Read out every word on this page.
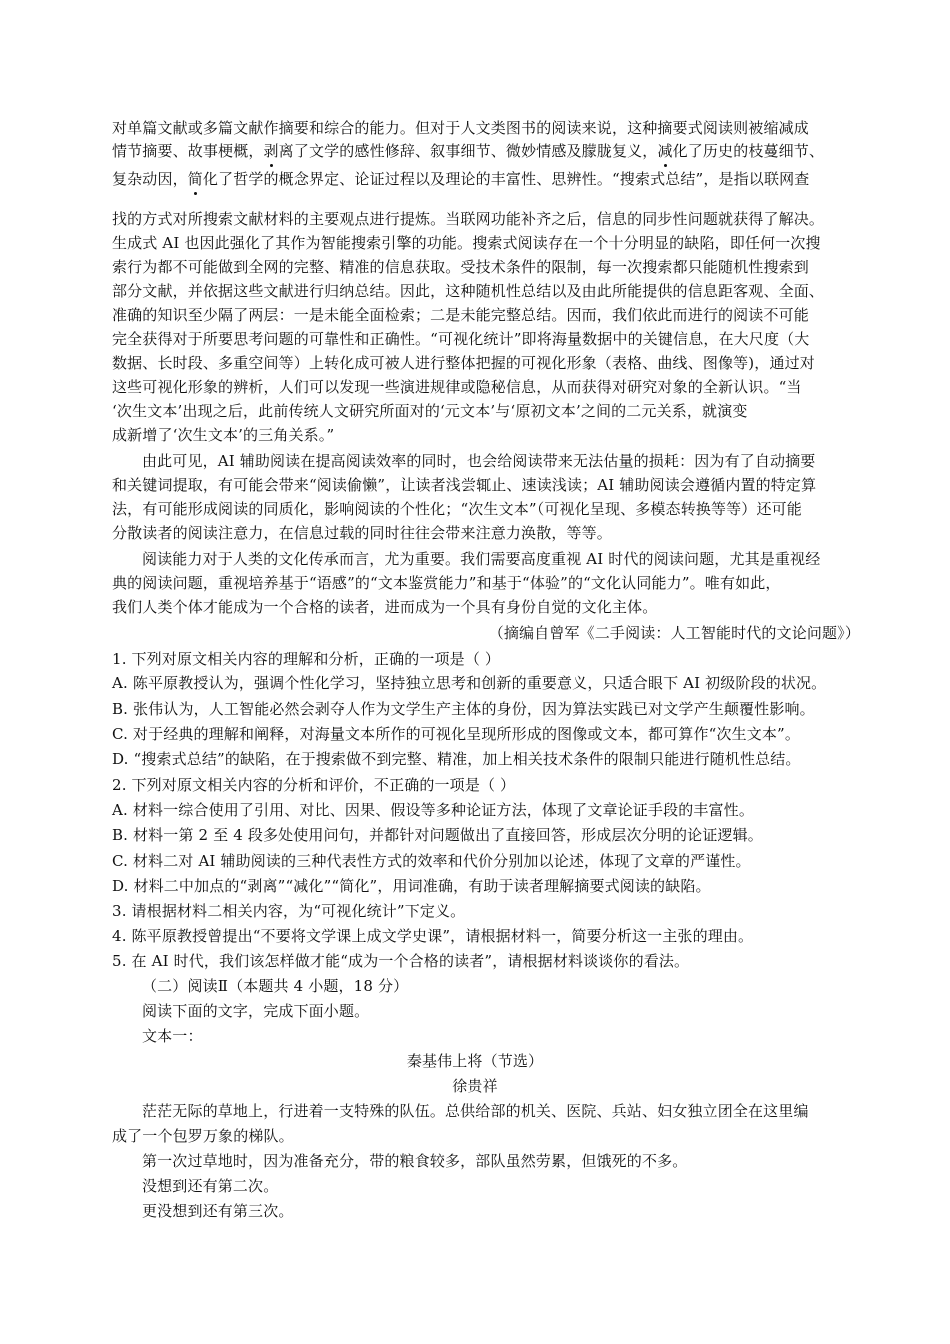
对单篇文献或多篇文献作摘要和综合的能力。但对于人文类图书的阅读来说，这种摘要式阅读则被缩减成
情节摘要、故事梗概，剥离了文学的感性修辞、叙事细节、微妙情感及朦胧复义，减化了历史的枝蔓细节、
复杂动因，简化了哲学的概念界定、论证过程以及理论的丰富性、思辨性。“搜索式总结”，是指以联网查
找的方式对所搜索文献材料的主要观点进行提炼。当联网功能补齐之后，信息的同步性问题就获得了解决。
生成式 AI 也因此强化了其作为智能搜索引擎的功能。搜索式阅读存在一个十分明显的缺陷，即任何一次搜
索行为都不可能做到全网的完整、精准的信息获取。受技术条件的限制，每一次搜索都只能随机性搜索到
部分文献，并依据这些文献进行归纳总结。因此，这种随机性总结以及由此所能提供的信息距客观、全面、
准确的知识至少隔了两层：一是未能全面检索；二是未能完整总结。因而，我们依此而进行的阅读不可能
完全获得对于所要思考问题的可靠性和正确性。“可视化统计”即将海量数据中的关键信息，在大尺度（大
数据、长时段、多重空间等）上转化成可被人进行整体把握的可视化形象（表格、曲线、图像等)，通过对
这些可视化形象的辨析，人们可以发现一些演进规律或隐秘信息，从而获得对研究对象的全新认识。“当
‘次生文本’出现之后，此前传统人文研究所面对的‘元文本’与‘原初文本’之间的二元关系，就演变
成新增了‘次生文本’的三角关系。”
由此可见，AI 辅助阅读在提高阅读效率的同时，也会给阅读带来无法估量的损耗：因为有了自动摘要
和关键词提取，有可能会带来“阅读偷懒”，让读者浅尝辄止、速读浅读；AI 辅助阅读会遵循内置的特定算
法，有可能形成阅读的同质化，影响阅读的个性化；“次生文本”（可视化呈现、多模态转换等等）还可能
分散读者的阅读注意力，在信息过载的同时往往会带来注意力涣散，等等。
阅读能力对于人类的文化传承而言，尤为重要。我们需要高度重视 AI 时代的阅读问题，尤其是重视经
典的阅读问题，重视培养基于“语感”的“文本鉴赏能力”和基于“体验”的“文化认同能力”。唯有如此，
我们人类个体才能成为一个合格的读者，进而成为一个具有身份自觉的文化主体。
（摘编自曾军《二手阅读：人工智能时代的文论问题》）
1. 下列对原文相关内容的理解和分析，正确的一项是（ ）
A. 陈平原教授认为，强调个性化学习，坚持独立思考和创新的重要意义，只适合眼下 AI 初级阶段的状况。
B. 张伟认为，人工智能必然会剥夺人作为文学生产主体的身份，因为算法实践已对文学产生颠覆性影响。
C. 对于经典的理解和阐释，对海量文本所作的可视化呈现所形成的图像或文本，都可算作“次生文本”。
D. “搜索式总结”的缺陷，在于搜索做不到完整、精准，加上相关技术条件的限制只能进行随机性总结。
2. 下列对原文相关内容的分析和评价，不正确的一项是（ ）
A. 材料一综合使用了引用、对比、因果、假设等多种论证方法，体现了文章论证手段的丰富性。
B. 材料一第 2 至 4 段多处使用问句，并都针对问题做出了直接回答，形成层次分明的论证逻辑。
C. 材料二对 AI 辅助阅读的三种代表性方式的效率和代价分别加以论述，体现了文章的严谨性。
D. 材料二中加点的“剥离”“减化”“简化”，用词准确，有助于读者理解摘要式阅读的缺陷。
3. 请根据材料二相关内容，为“可视化统计”下定义。
4. 陈平原教授曾提出“不要将文学课上成文学史课”，请根据材料一，简要分析这一主张的理由。
5. 在 AI 时代，我们该怎样做才能“成为一个合格的读者”，请根据材料谈谈你的看法。
（二）阅读Ⅱ（本题共 4 小题，18 分）
阅读下面的文字，完成下面小题。
文本一：
秦基伟上将（节选）
徐贵祥
茫茫无际的草地上，行进着一支特殊的队伍。总供给部的机关、医院、兵站、妇女独立团全在这里编
成了一个包罗万象的梯队。
第一次过草地时，因为准备充分，带的粮食较多，部队虽然劳累，但饿死的不多。
没想到还有第二次。
更没想到还有第三次。
